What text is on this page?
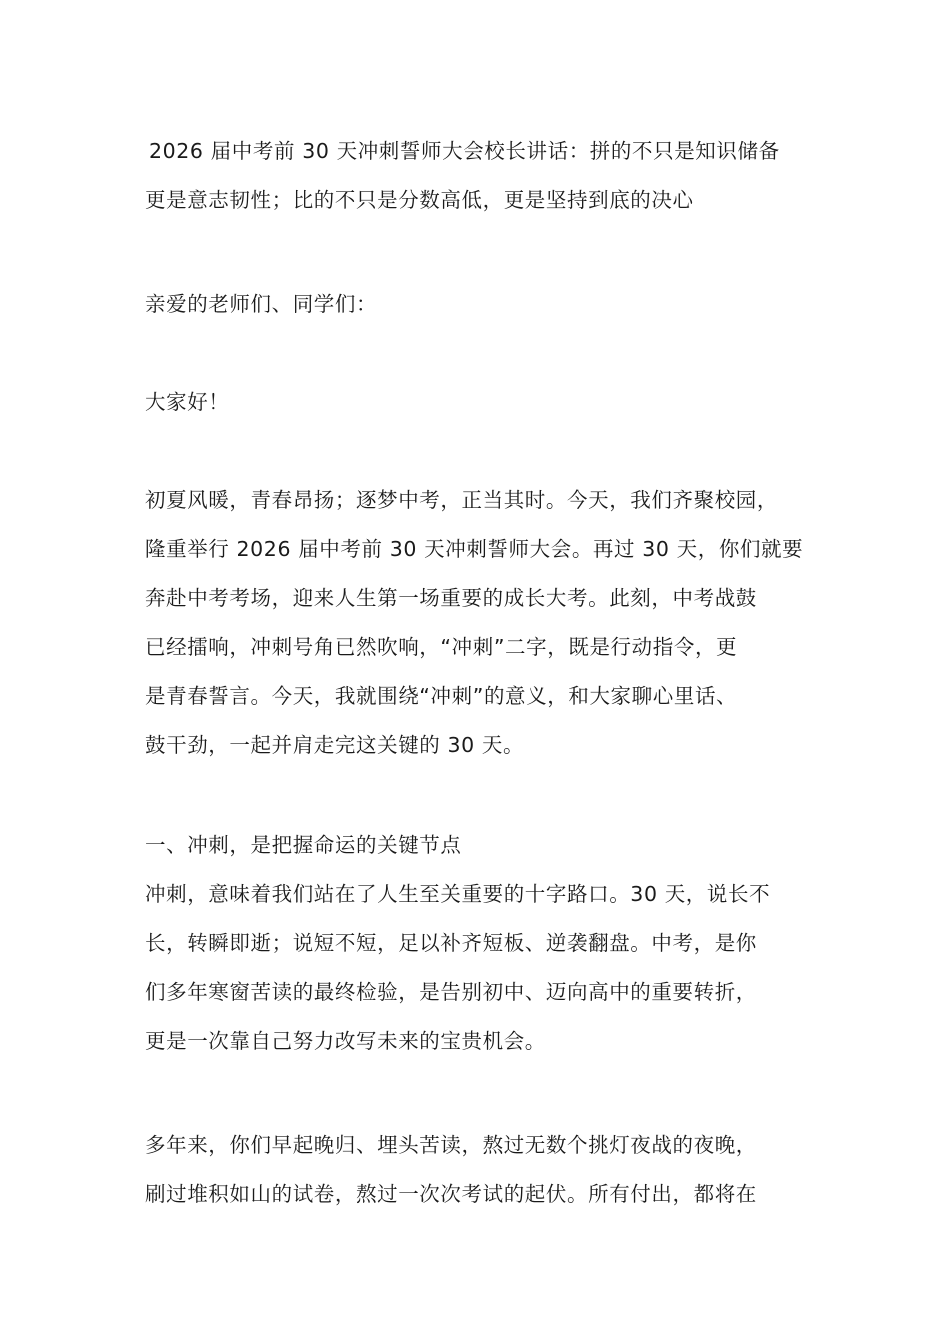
2026 届中考前 30 天冲刺誓师大会校长讲话：拼的不只是知识储备
更是意志韧性；比的不只是分数高低，更是坚持到底的决心
亲爱的老师们、同学们：
大家好！
初夏风暖，青春昂扬；逐梦中考，正当其时。今天，我们齐聚校园，
隆重举行 2026 届中考前 30 天冲刺誓师大会。再过 30 天，你们就要
奔赴中考考场，迎来人生第一场重要的成长大考。此刻，中考战鼓
已经擂响，冲刺号角已然吹响，“冲刺”二字，既是行动指令，更
是青春誓言。今天，我就围绕“冲刺”的意义，和大家聊心里话、
鼓干劲，一起并肩走完这关键的 30 天。
一、冲刺，是把握命运的关键节点
冲刺，意味着我们站在了人生至关重要的十字路口。30 天，说长不
长，转瞬即逝；说短不短，足以补齐短板、逆袭翻盘。中考，是你
们多年寒窗苦读的最终检验，是告别初中、迈向高中的重要转折，
更是一次靠自己努力改写未来的宝贵机会。
多年来，你们早起晚归、埋头苦读，熬过无数个挑灯夜战的夜晚，
刷过堆积如山的试卷，熬过一次次考试的起伏。所有付出，都将在
